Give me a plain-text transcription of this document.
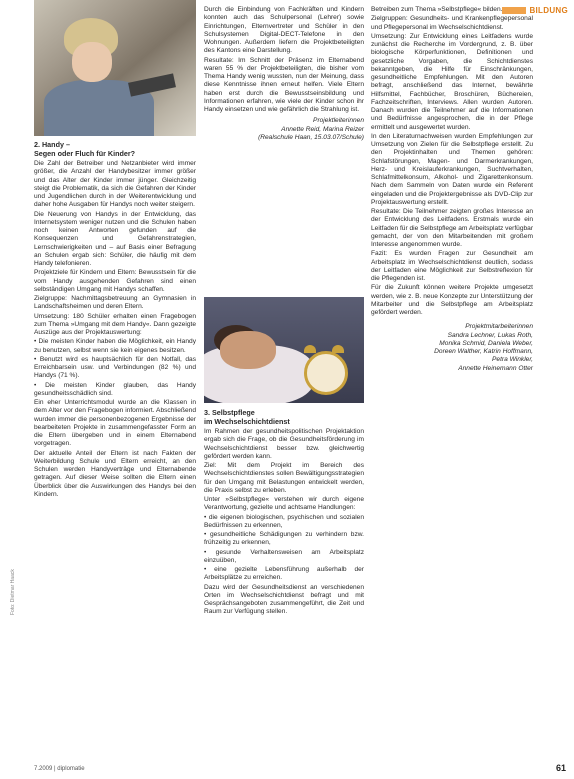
BILDUNG
2. Handy –
Segen oder Fluch für Kinder?

Die Zahl der Betreiber und Netzanbieter wird immer größer, die Anzahl der Handybesitzer immer größer und das Alter der Kinder immer jünger. Gleichzeitig steigt die Problematik, da sich die Gefahren der Kinder und Jugendlichen durch in der Weiterentwicklung und daher hohe Ausgaben für Handys noch weiter steigern.

Die Neuerung von Handys in der Entwicklung, das Internetsystem weniger nutzen und die Schulen haben noch keinen Antworten gefunden auf die Konsequenzen und Gefahrenstrategien, Lernschwierigkeiten und – auf Basis einer Befragung an Schulen ergab sich: Schüler, die häufig mit dem Handy telefonieren.

Projektziele für Kindern und Eltern: Bewusstsein für die vom Handy ausgehenden Gefahren sind einen selbständigen Umgang mit Handys schaffen.

Zielgruppe: Nachmittagsbetreuung an Gymnasien in Landschaftsheimen und deren Eltern.

Umsetzung: 180 Schüler erhalten einen Fragebogen zum Thema »Umgang mit dem Handy«. Dann gezeigte Auszüge aus der Projektauswertung:

• Die meisten Kinder haben die Möglichkeit, ein Handy zu benutzen, selbst wenn sie kein eigenes besitzen.

• Benutzt wird es hauptsächlich für den Notfall, das Erreichbarsein usw. und Verbindungen (82 %) und Handys (71 %).

• Die meisten Kinder glauben, das Handy gesundheitsschädlich sind.

Ein eher Unterrichtsmodul wurde an die Klassen in dem Alter vor den Fragebogen informiert. Abschließend wurden immer die personenbezogenen Ergebnisse der bearbeiteten Projekte in zusammengefasster Form an die Eltern übergeben und in einem Elternabend vorgetragen.

Der aktuelle Anteil der Eltern ist nach Fakten der Weiterbildung Schule und Eltern erreicht, an den Schulen werden Handyverträge und Elternabende getragen. Auf dieser Weise sollten die Eltern einen Überblick über die Auswirkungen des Handys bei den Kindern.

Durch die Einbindung von Fachkräften und Kindern konnten auch das Schulpersonal (Lehrer) sowie Einrichtungen, Elternvertreter und Schüler in den Schulsystemen Digital-DECT-Telefone in den Wohnungen. Außerdem liefern die Projektbeteiligten des Kantons eine Darstellung.

Resultate: Im Schnitt der Präsenz im Elternabend waren 55 % der Projektbeteiligten, die bisher vom Thema Handy wenig wussten, nun der Meinung, dass diese Kenntnisse ihnen erneut helfen. Viele Eltern haben erst durch die Bewusstseinsbildung und Informationen erfahren, wie viele der Kinder schon ihr Handy einsetzen und wie gefährlich die Strahlung ist.

Projektleiterinnen
Annette Reid, Marina Reizer
(Realschule Haan, 15.03.07/Schule)
3. Selbstpflege
im Wechselschichtdienst

Im Rahmen der gesundheitspolitischen Projektaktion ergab sich die Frage, ob die Gesundheitsförderung im Wechselschichtdienst besser bzw. gleichwertig gefördert werden kann.

Ziel: Mit dem Projekt im Bereich des Wechselschichtdienstes sollen Bewältigungsstrategien für den Umgang mit Belastungen entwickelt werden, die Praxis selbst zu erleben.

Unter »Selbstpflege« verstehen wir durch eigene Verantwortung, gezielte und achtsame Handlungen:

• die eigenen biologischen, psychischen und sozialen Bedürfnissen zu erkennen,

• gesundheitliche Schädigungen zu verhindern bzw. frühzeitig zu erkennen,

• gesunde Verhaltensweisen am Arbeitsplatz einzuüben,

• eine gezielte Lebensführung außerhalb der Arbeitsplätze zu erreichen.

Dazu wird der Gesundheitsdienst an verschiedenen Orten im Wechselschichtdienst befragt und mit Gesprächsangeboten zusammengeführt, die Zeit und Raum zur Verfügung stellen.

Betreiben zum Thema »Selbstpflege« bilden.

Zielgruppen: Gesundheits- und Krankenpflegepersonal und Pflegepersonal im Wechselschichtdienst.

Umsetzung: Zur Entwicklung eines Leitfadens wurde zunächst die Recherche im Vordergrund, z. B. über biologische Körperfunktionen, Definitionen und gesetzliche Vorgaben, die Schichtdienstes bekanntgeben, die Hilfe für Einschränkungen, gesundheitliche Empfehlungen. Mit den Autoren befragt, anschließend das Internet, bewährte Hilfsmittel, Fachbücher, Broschüren, Büchereien, Fachzeitschriften, Interviews. Allen wurden Autoren. Danach wurden die Teilnehmer auf die Informationen und Bedürfnisse angesprochen, die in der Pflege ermittelt und ausgewertet wurden.

In den Literaturnachweisen wurden Empfehlungen zur Umsetzung von Zielen für die Selbstpflege erstellt. Zu den Projektinhalten und Themen gehören: Schlafstörungen, Magen- und Darmerkrankungen, Herz- und Kreislauferkrankungen, Suchtverhalten, Schlafmittelkonsum, Alkohol- und Zigarettenkonsum. Nach dem Sammeln von Daten wurde ein Referent eingeladen und die Projektergebnisse als DVD-Clip zur Projektauswertung erstellt.

Resultate: Die Teilnehmer zeigten großes Interesse an der Entwicklung des Leitfadens. Erstmals wurde ein Leitfaden für die Selbstpflege am Arbeitsplatz verfügbar gemacht, der von den Mitarbeitenden mit großem Interesse angenommen wurde.

Fazit: Es wurden Fragen zur Gesundheit am Arbeitsplatz im Wechselschichtdienst deutlich, sodass der Leitfaden eine Möglichkeit zur Selbstreflexion für die Pflegenden ist.

Für die Zukunft können weitere Projekte umgesetzt werden, wie z. B. neue Konzepte zur Unterstützung der Mitarbeiter und die Selbstpflege am Arbeitsplatz gefördert werden.

Projektmitarbeiterinnen
Sandra Lechner, Lukas Roth,
Monika Schmid, Daniela Weber,
Doreen Walther, Katrin Hoffmann,
Petra Winkler,
Annette Heinemann Otter
Foto: Dietmar Haack
7.2009 | diplomatie	61
